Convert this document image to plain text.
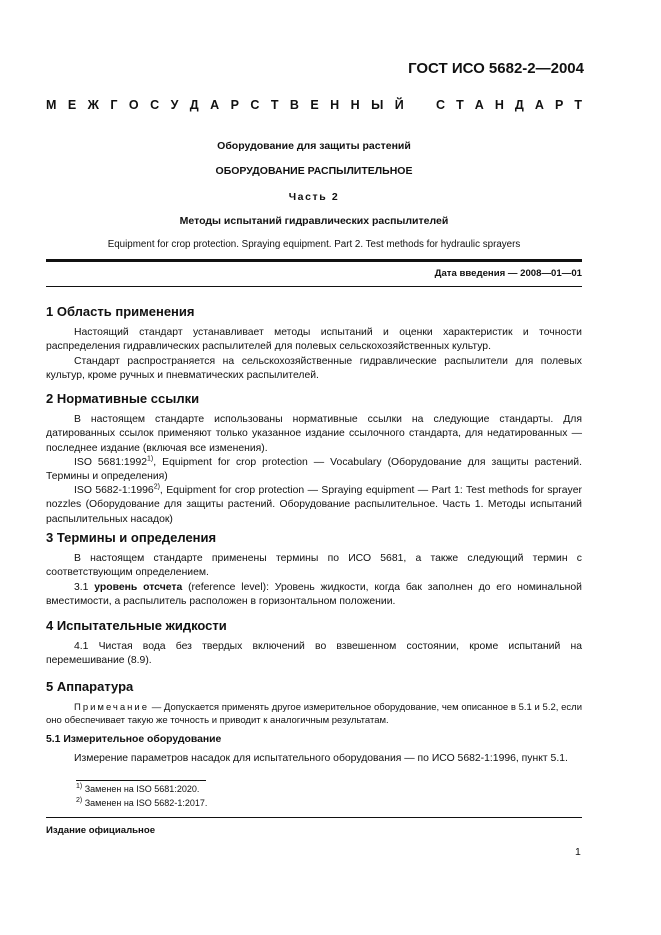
ГОСТ ИСО 5682-2—2004
М Е Ж Г О С У Д А Р С Т В Е Н Н Ы Й	С Т А Н Д А Р Т
Оборудование для защиты растений
ОБОРУДОВАНИЕ РАСПЫЛИТЕЛЬНОЕ
Часть 2
Методы испытаний гидравлических распылителей
Equipment for crop protection. Spraying equipment. Part 2. Test methods for hydraulic sprayers
Дата введения — 2008—01—01
1 Область применения

Настоящий стандарт устанавливает методы испытаний и оценки характеристик и точности распределения гидравлических распылителей для полевых сельскохозяйственных культур.

Стандарт распространяется на сельскохозяйственные гидравлические распылители для полевых культур, кроме ручных и пневматических распылителей.

2 Нормативные ссылки

В настоящем стандарте использованы нормативные ссылки на следующие стандарты. Для датированных ссылок применяют только указанное издание ссылочного стандарта, для недатированных — последнее издание (включая все изменения).

ISO 5681:1992$^{1)}$, Equipment for crop protection — Vocabulary (Оборудование для защиты растений. Термины и определения)

ISO 5682-1:1996$^{2)}$, Equipment for crop protection — Spraying equipment — Part 1: Test methods for sprayer nozzles (Оборудование для защиты растений. Оборудование распылительное. Часть 1. Методы испытаний распылительных насадок)

3 Термины и определения

В настоящем стандарте применены термины по ИСО 5681, а также следующий термин с соответствующим определением.

3.1 уровень отсчета (reference level): Уровень жидкости, когда бак заполнен до его номинальной вместимости, а распылитель расположен в горизонтальном положении.

4 Испытательные жидкости

4.1 Чистая вода без твердых включений во взвешенном состоянии, кроме испытаний на перемешивание (8.9).

5 Аппаратура
Примечание — Допускается применять другое измерительное оборудование, чем описанное в 5.1 и 5.2, если оно обеспечивает такую же точность и приводит к аналогичным результатам.
5.1 Измерительное оборудование

Измерение параметров насадок для испытательного оборудования — по ИСО 5682-1:1996, пункт 5.1.

$^{1)}$ Заменен на ISO 5681:2020.
$^{2)}$ Заменен на ISO 5682-1:2017.
Издание официальное
1
